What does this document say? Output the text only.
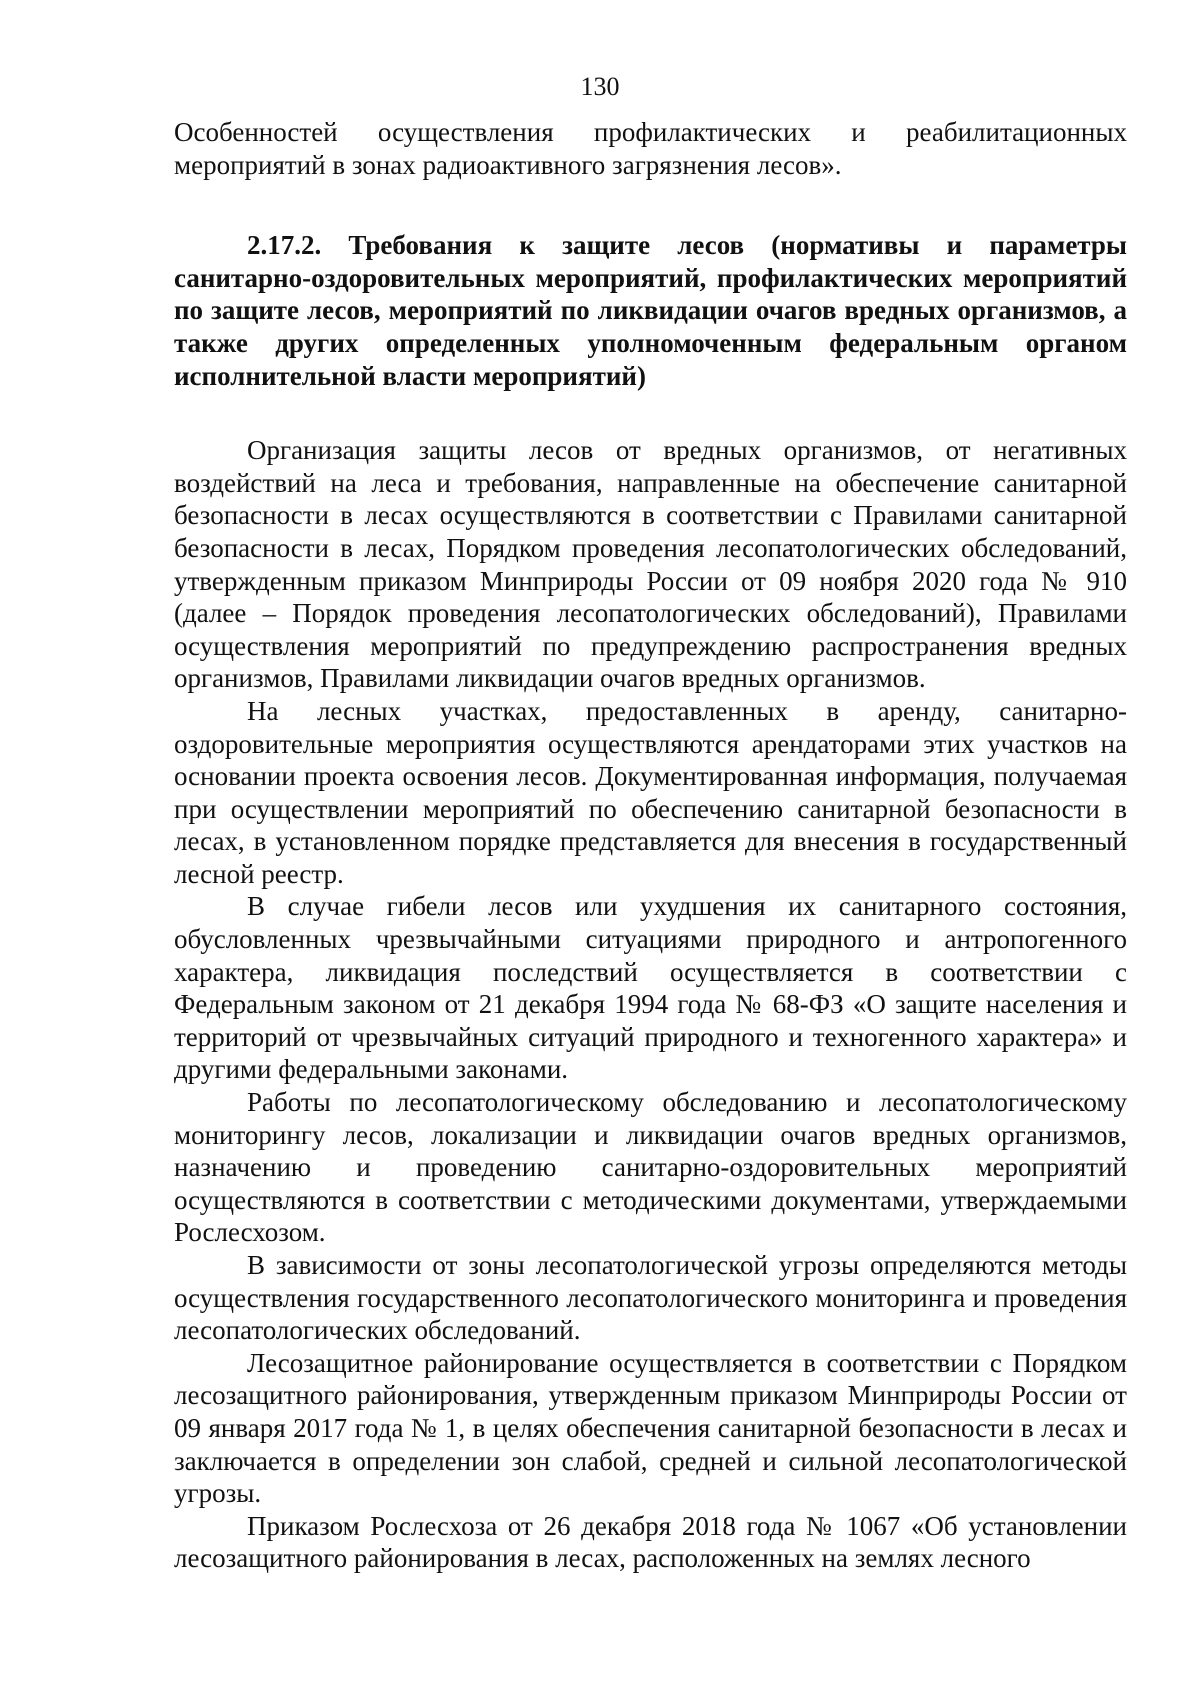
130

Особенностей осуществления профилактических и реабилитационных мероприятий в зонах радиоактивного загрязнения лесов».

2.17.2. Требования к защите лесов (нормативы и параметры санитарно-оздоровительных мероприятий, профилактических мероприятий по защите лесов, мероприятий по ликвидации очагов вредных организмов, а также других определенных уполномоченным федеральным органом исполнительной власти мероприятий)

Организация защиты лесов от вредных организмов, от негативных воздействий на леса и требования, направленные на обеспечение санитарной безопасности в лесах осуществляются в соответствии с Правилами санитарной безопасности в лесах, Порядком проведения лесопатологических обследований, утвержденным приказом Минприроды России от 09 ноября 2020 года № 910 (далее – Порядок проведения лесопатологических обследований), Правилами осуществления мероприятий по предупреждению распространения вредных организмов, Правилами ликвидации очагов вредных организмов.

На лесных участках, предоставленных в аренду, санитарно-оздоровительные мероприятия осуществляются арендаторами этих участков на основании проекта освоения лесов. Документированная информация, получаемая при осуществлении мероприятий по обеспечению санитарной безопасности в лесах, в установленном порядке представляется для внесения в государственный лесной реестр.

В случае гибели лесов или ухудшения их санитарного состояния, обусловленных чрезвычайными ситуациями природного и антропогенного характера, ликвидация последствий осуществляется в соответствии с Федеральным законом от 21 декабря 1994 года № 68-ФЗ «О защите населения и территорий от чрезвычайных ситуаций природного и техногенного характера» и другими федеральными законами.

Работы по лесопатологическому обследованию и лесопатологическому мониторингу лесов, локализации и ликвидации очагов вредных организмов, назначению и проведению санитарно-оздоровительных мероприятий осуществляются в соответствии с методическими документами, утверждаемыми Рослесхозом.

В зависимости от зоны лесопатологической угрозы определяются методы осуществления государственного лесопатологического мониторинга и проведения лесопатологических обследований.

Лесозащитное районирование осуществляется в соответствии с Порядком лесозащитного районирования, утвержденным приказом Минприроды России от 09 января 2017 года № 1, в целях обеспечения санитарной безопасности в лесах и заключается в определении зон слабой, средней и сильной лесопатологической угрозы.

Приказом Рослесхоза от 26 декабря 2018 года № 1067 «Об установлении лесозащитного районирования в лесах, расположенных на землях лесного
